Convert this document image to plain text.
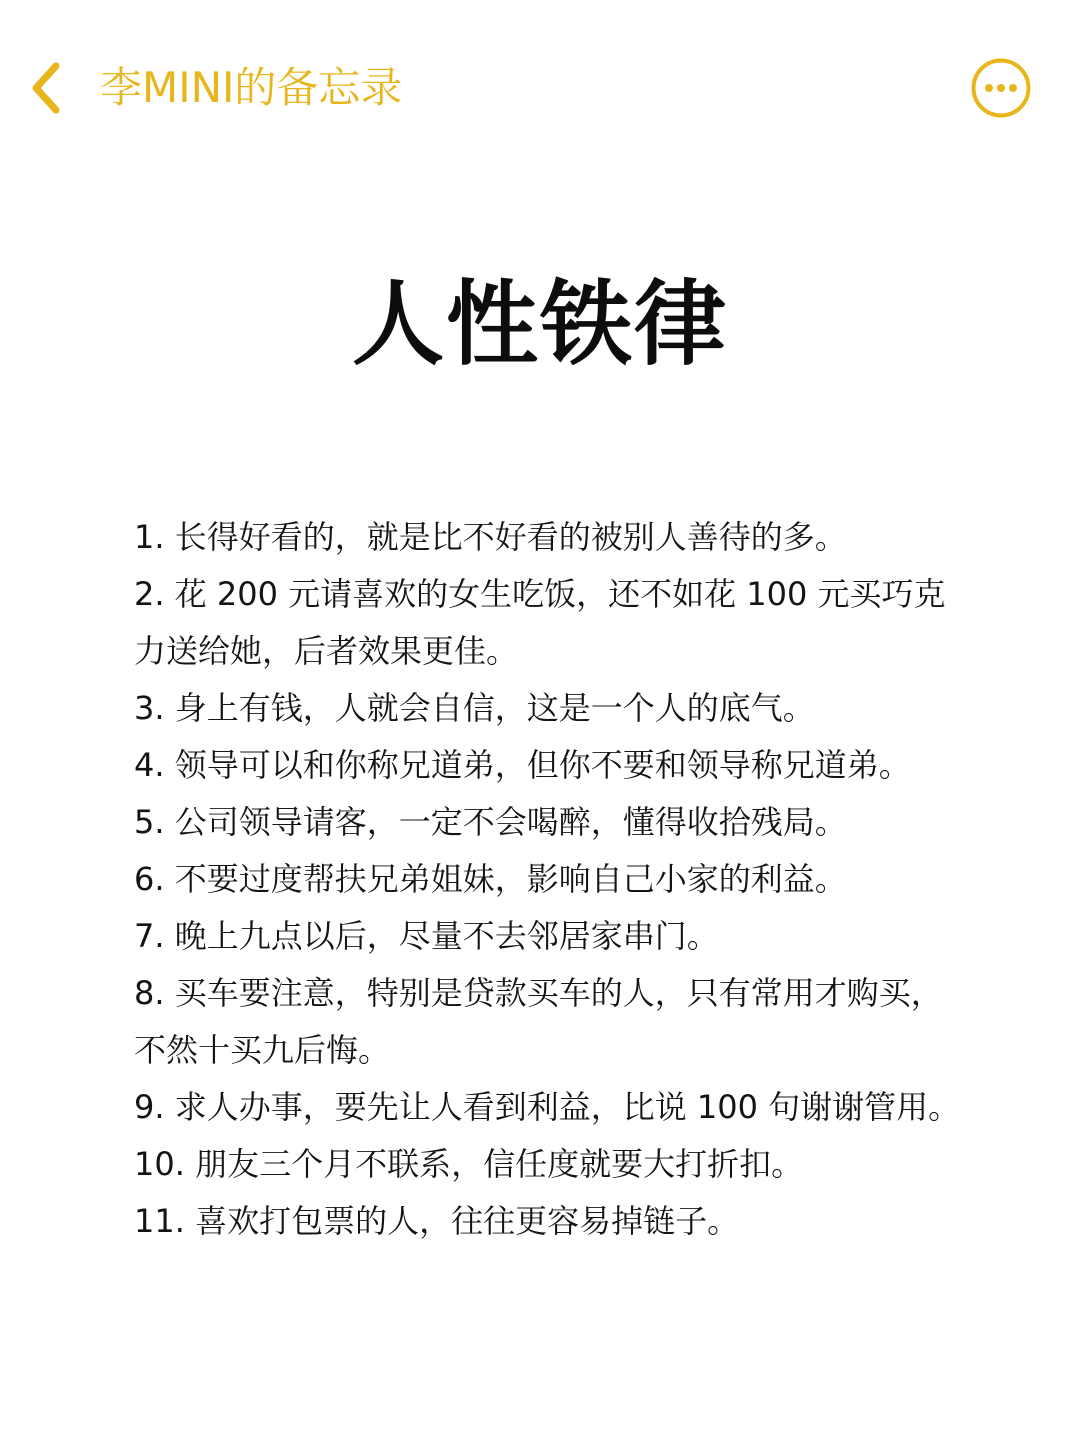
李MINI的备忘录
人性铁律
1. 长得好看的，就是比不好看的被别人善待的多。
2. 花 200 元请喜欢的女生吃饭，还不如花 100 元买巧克
力送给她，后者效果更佳。
3. 身上有钱，人就会自信，这是一个人的底气。
4. 领导可以和你称兄道弟，但你不要和领导称兄道弟。
5. 公司领导请客，一定不会喝醉，懂得收拾残局。
6. 不要过度帮扶兄弟姐妹，影响自己小家的利益。
7. 晚上九点以后，尽量不去邻居家串门。
8. 买车要注意，特别是贷款买车的人，只有常用才购买，
不然十买九后悔。
9. 求人办事，要先让人看到利益，比说 100 句谢谢管用。
10. 朋友三个月不联系，信任度就要大打折扣。
11. 喜欢打包票的人，往往更容易掉链子。
